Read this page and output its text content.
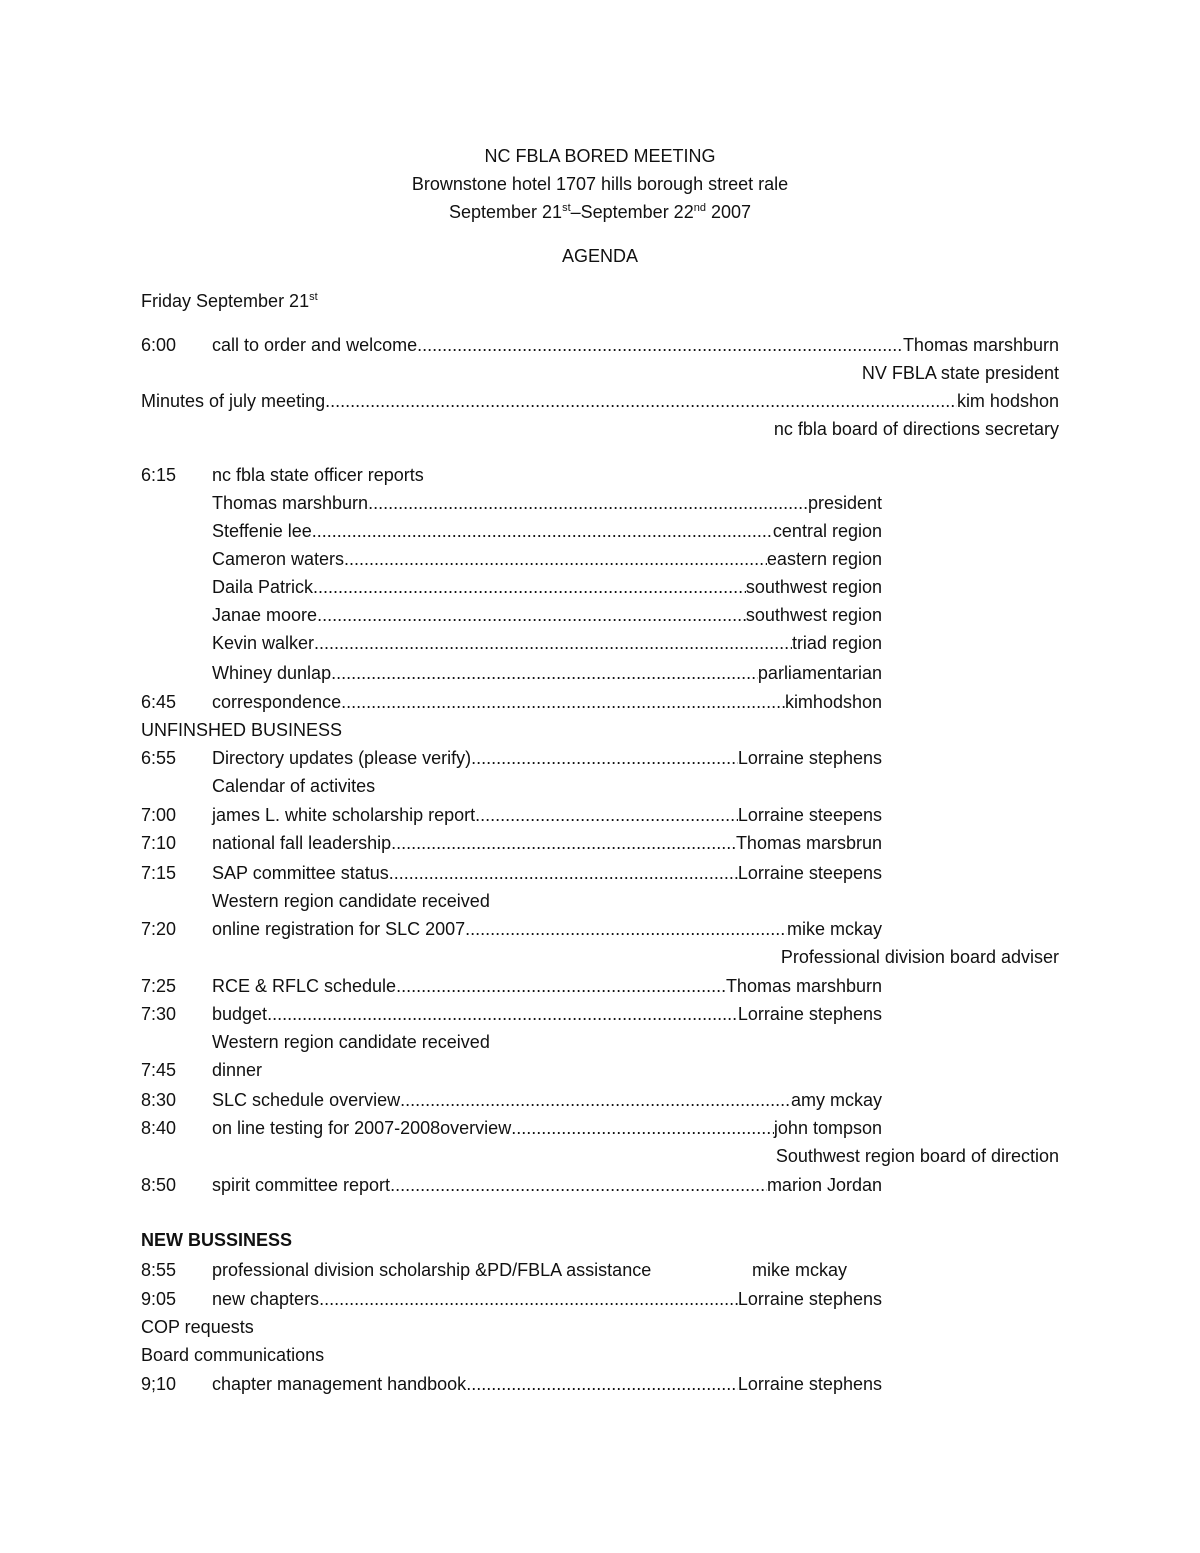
NC FBLA BORED MEETING
Brownstone hotel 1707 hills borough street rale
September 21st–September 22nd 2007
AGENDA
Friday September 21st
6:00 call to order and welcome .....	Thomas marshburn
NV FBLA state president
Minutes of july meeting .....	kim hodshon
nc fbla board of directions secretary
6:15 nc fbla state officer reports
Thomas marshburn .....	president
Steffenie lee .....	central region
Cameron waters .....	eastern region
Daila Patrick .....	southwest region
Janae moore .....	southwest region
Kevin walker .....	triad region
Whiney dunlap .....	parliamentarian
6:45 correspondence .....	kimhodshon
UNFINSHED BUSINESS
6:55 Directory updates (please verify) .....	Lorraine stephens
Calendar of activites
7:00 james L. white scholarship report .....	Lorraine steepens
7:10 national fall leadership .....	Thomas marsbrun
7:15 SAP committee status .....	Lorraine steepens
Western region candidate received
7:20 online registration for SLC 2007 .....	mike mckay
Professional division board adviser
7:25 RCE & RFLC schedule .....	Thomas marshburn
7:30 budget .....	Lorraine stephens
Western region candidate received
7:45 dinner
8:30 SLC schedule overview .....	amy mckay
8:40 on line testing for 2007-2008overview .....	john tompson
Southwest region board of direction
8:50 spirit committee report .....	marion Jordan
NEW BUSSINESS
8:55 professional division scholarship &PD/FBLA assistance	mike mckay
9:05 new chapters .....	Lorraine stephens
COP requests
Board communications
9;10 chapter management handbook .....	Lorraine stephens
